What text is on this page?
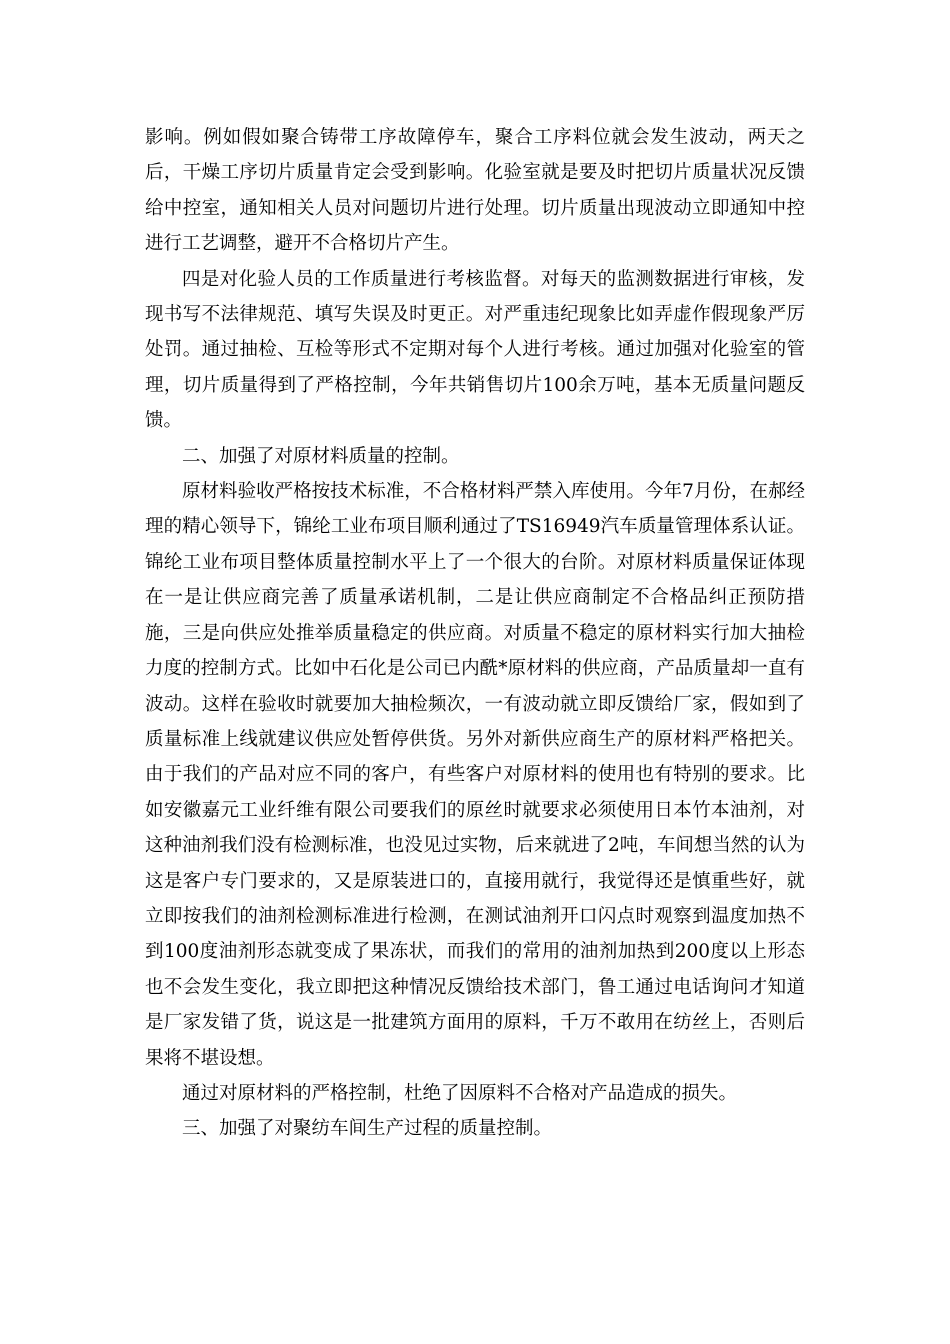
影响。例如假如聚合铸带工序故障停车，聚合工序料位就会发生波动，两天之后，干燥工序切片质量肯定会受到影响。化验室就是要及时把切片质量状况反馈给中控室，通知相关人员对问题切片进行处理。切片质量出现波动立即通知中控进行工艺调整，避开不合格切片产生。

四是对化验人员的工作质量进行考核监督。对每天的监测数据进行审核，发现书写不法律规范、填写失误及时更正。对严重违纪现象比如弄虚作假现象严厉处罚。通过抽检、互检等形式不定期对每个人进行考核。通过加强对化验室的管理，切片质量得到了严格控制，今年共销售切片100余万吨，基本无质量问题反馈。

二、加强了对原材料质量的控制。

原材料验收严格按技术标准，不合格材料严禁入库使用。今年7月份，在郝经理的精心领导下，锦纶工业布项目顺利通过了TS16949汽车质量管理体系认证。锦纶工业布项目整体质量控制水平上了一个很大的台阶。对原材料质量保证体现在一是让供应商完善了质量承诺机制，二是让供应商制定不合格品纠正预防措施，三是向供应处推举质量稳定的供应商。对质量不稳定的原材料实行加大抽检力度的控制方式。比如中石化是公司已内酰*原材料的供应商，产品质量却一直有波动。这样在验收时就要加大抽检频次，一有波动就立即反馈给厂家，假如到了质量标准上线就建议供应处暂停供货。另外对新供应商生产的原材料严格把关。由于我们的产品对应不同的客户，有些客户对原材料的使用也有特别的要求。比如安徽嘉元工业纤维有限公司要我们的原丝时就要求必须使用日本竹本油剂，对这种油剂我们没有检测标准，也没见过实物，后来就进了2吨，车间想当然的认为这是客户专门要求的，又是原装进口的，直接用就行，我觉得还是慎重些好，就立即按我们的油剂检测标准进行检测，在测试油剂开口闪点时观察到温度加热不到100度油剂形态就变成了果冻状，而我们的常用的油剂加热到200度以上形态也不会发生变化，我立即把这种情况反馈给技术部门，鲁工通过电话询问才知道是厂家发错了货，说这是一批建筑方面用的原料，千万不敢用在纺丝上，否则后果将不堪设想。

通过对原材料的严格控制，杜绝了因原料不合格对产品造成的损失。

三、加强了对聚纺车间生产过程的质量控制。
